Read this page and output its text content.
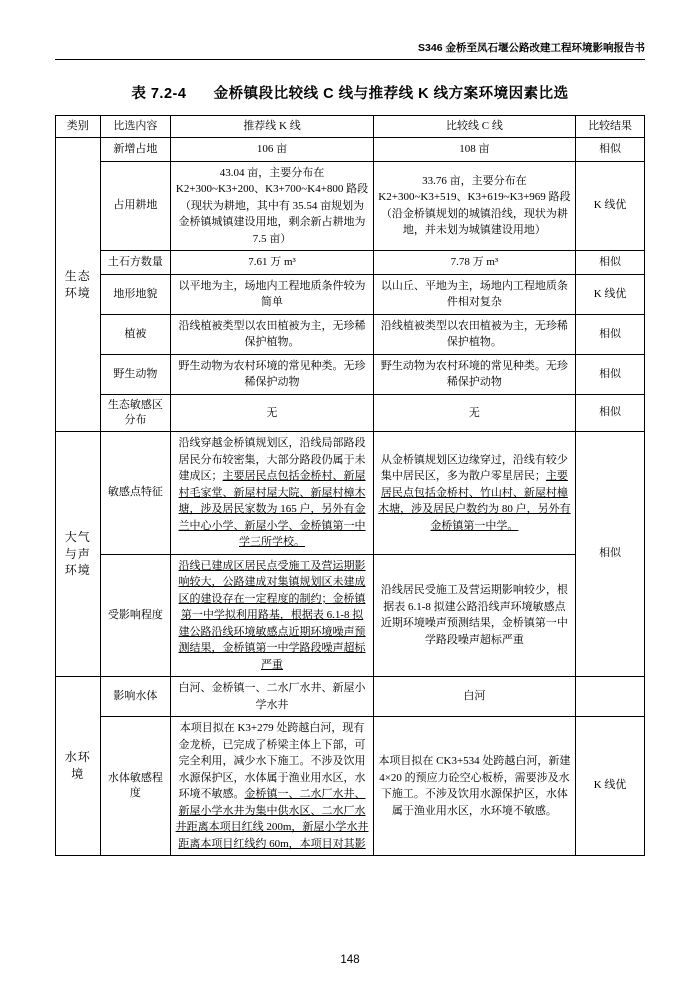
S346 金桥至凤石堰公路改建工程环境影响报告书
表 7.2-4 金桥镇段比较线 C 线与推荐线 K 线方案环境因素比选
类别	比选内容	推荐线 K 线	比较线 C 线	比较结果
生态环境	新增占地	106 亩	108 亩	相似
	占用耕地	43.04 亩，主要分布在 K2+300~K3+200、K3+700~K4+800 路段（现状为耕地，其中有 35.54 亩规划为金桥镇城镇建设用地，剩余新占耕地为 7.5 亩）	33.76 亩，主要分布在 K2+300~K3+519、K3+619~K3+969 路段（沿金桥镇规划的城镇沿线，现状为耕地，并未划为城镇建设用地）	K 线优
	土石方数量	7.61 万 m³	7.78 万 m³	相似
	地形地貌	以平地为主，场地内工程地质条件较为简单	以山丘、平地为主，场地内工程地质条件相对复杂	K 线优
	植被	沿线植被类型以农田植被为主，无珍稀保护植物。	沿线植被类型以农田植被为主，无珍稀保护植物。	相似
	野生动物	野生动物为农村环境的常见种类。无珍稀保护动物	野生动物为农村环境的常见种类。无珍稀保护动物	相似
	生态敏感区分布	无	无	相似
大气与声环境	敏感点特征	沿线穿越金桥镇规划区，沿线局部路段居民分布较密集，大部分路段仍属于未建成区；主要居民点包括金桥村、新屋村毛家堂、新屋村屋大院、新屋村樟木塘，涉及居民家数为 165 户，另外有金兰中心小学、新屋小学、金桥镇第一中学三所学校。	从金桥镇规划区边缘穿过，沿线有较少集中居民区，多为散户零星居民；主要居民点包括金桥村、竹山村、新屋村樟木塘，涉及居民户数约为 80 户，另外有金桥镇第一中学。	相似
	受影响程度	沿线已建成区居民点受施工及营运期影响较大，公路建成对集镇规划区未建成区的建设存在一定程度的制约；金桥镇第一中学拟利用路基，根据表 6.1-8 拟建公路沿线环境敏感点近期环境噪声预测结果，金桥镇第一中学路段噪声超标严重	沿线居民受施工及营运期影响较少，根据表 6.1-8 拟建公路沿线声环境敏感点近期环境噪声预测结果，金桥镇第一中学路段噪声超标严重	
水环境	影响水体	白河、金桥镇一、二水厂水井、新屋小学水井	白河	
	水体敏感程度	本项目拟在 K3+279 处跨越白河，现有金龙桥，已完成了桥梁主体上下部，可完全利用，减少水下施工。不涉及饮用水源保护区，水体属于渔业用水区，水环境不敏感。金桥镇一、二水厂水井、新屋小学水井为集中供水区、二水厂水井距离本项目红线 200m，新屋小学水井距离本项目红线约 60m，本项目对其影	本项目拟在 CK3+534 处跨越白河，新建 4×20 的预应力砼空心板桥，需要涉及水下施工。不涉及饮用水源保护区，水体属于渔业用水区，水环境不敏感。	K 线优
148
